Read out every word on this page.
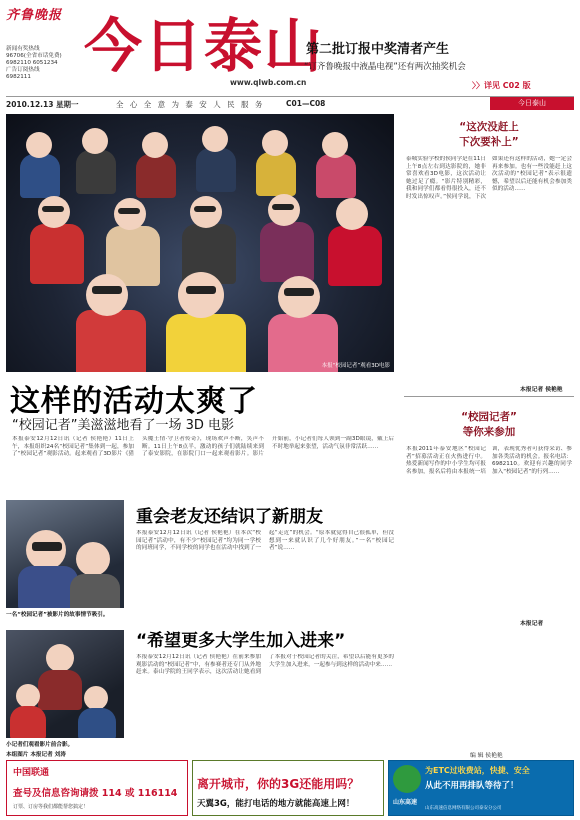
齐鲁晚报
新闻有奖热线
96706(全省市话免费)
6982110 6051234
广告订阅热线
6982111 今日泰山
www.qlwb.com.cn
第二批订报中奖清者产生
“订齐鲁晚报中液晶电视”还有两次抽奖机会
〉〉详见 C02 版
2010.12.13 星期一	全 心 全 意 为 泰 安 人 民 服 务	C01—C08	今日泰山
本报“校园记者”观看3D电影
这样的活动太爽了
“校园记者”美滋滋地看了一场 3D 电影
本报泰安12月12日讯（记者 侯艳艳）11日上午，本报组织24名“校园记者”集体到一起，参加了“校园记者”观影活动。起来观看了3D影片《猎头魔王情·守卫者传奇》，现场欢声不断，笑声不断。11日上午8点半，激动的孩子们就陆续来到了泰安影院，在影院门口一起来观看影片。影片开始前，小记者们每人领到一副3D眼镜，戴上后不时地举起来张望，活动气氛非常活跃……
一名“校园记者”被影片的故事情节吸引。
重会老友还结识了新朋友
本报泰安12月12日讯（记者 侯艳艳）在本次“校园记者”活动中，有不少“校园记者”均为同一学校的同班同学，不同学校的同学也在活动中找到了一起“走近”的机会。“原本就觉得自己很孤单，但没想到一来就认识了几个好朋友。”一名“校园记者”说……
小记者们观看影片前合影。
本组图片 本报记者 刘涛
“希望更多大学生加入进来”
本报泰安12月12日讯（记者 侯艳艳）在前来参加观影活动的“校园记者”中，有参赛者还专门从外地赶来。泰山学院的王同学表示，这次活动让她看到了本报对于校园记者的关注，希望以后能有更多的大学生加入进来，一起参与到这样的活动中来……
“这次没赶上
下次要补上”
泰城实验学校的侯同学是在11日上午8点左右到达影院的，她非常喜欢看3D电影，这次活动让她过足了瘾。“影片特别精彩，我和同学们都看得很投入，还不时发出惊叹声。”侯同学说，下次如果还有这样的活动，她一定会再来参加。也有一些没能赶上这次活动的“校园记者”表示很遗憾，希望以后还能有机会参加类似的活动……
本报记者 侯艳艳
“校园记者”
等你来参加
本报2011年泰安地区“校园记者”招募活动正在火热进行中。热爱新闻写作的中小学生均可报名参加，报名后将由本报统一培训，表现优秀者可获得采访、参加各类活动的机会。报名电话：6982110。欢迎有兴趣的同学加入“校园记者”的行列……
本报记者
编 辑 侯艳艳
中国联通
查号及信息咨询请拨 114 或 116114
订票、订房等我们都能帮您搞定！
离开城市，你的3G还能用吗？
天翼3G，能打电话的地方就能高速上网！
为ETC过收费站，快捷、安全
从此不用再排队等待了！
山东高速
山东高速信息网络有限公司泰安分公司
